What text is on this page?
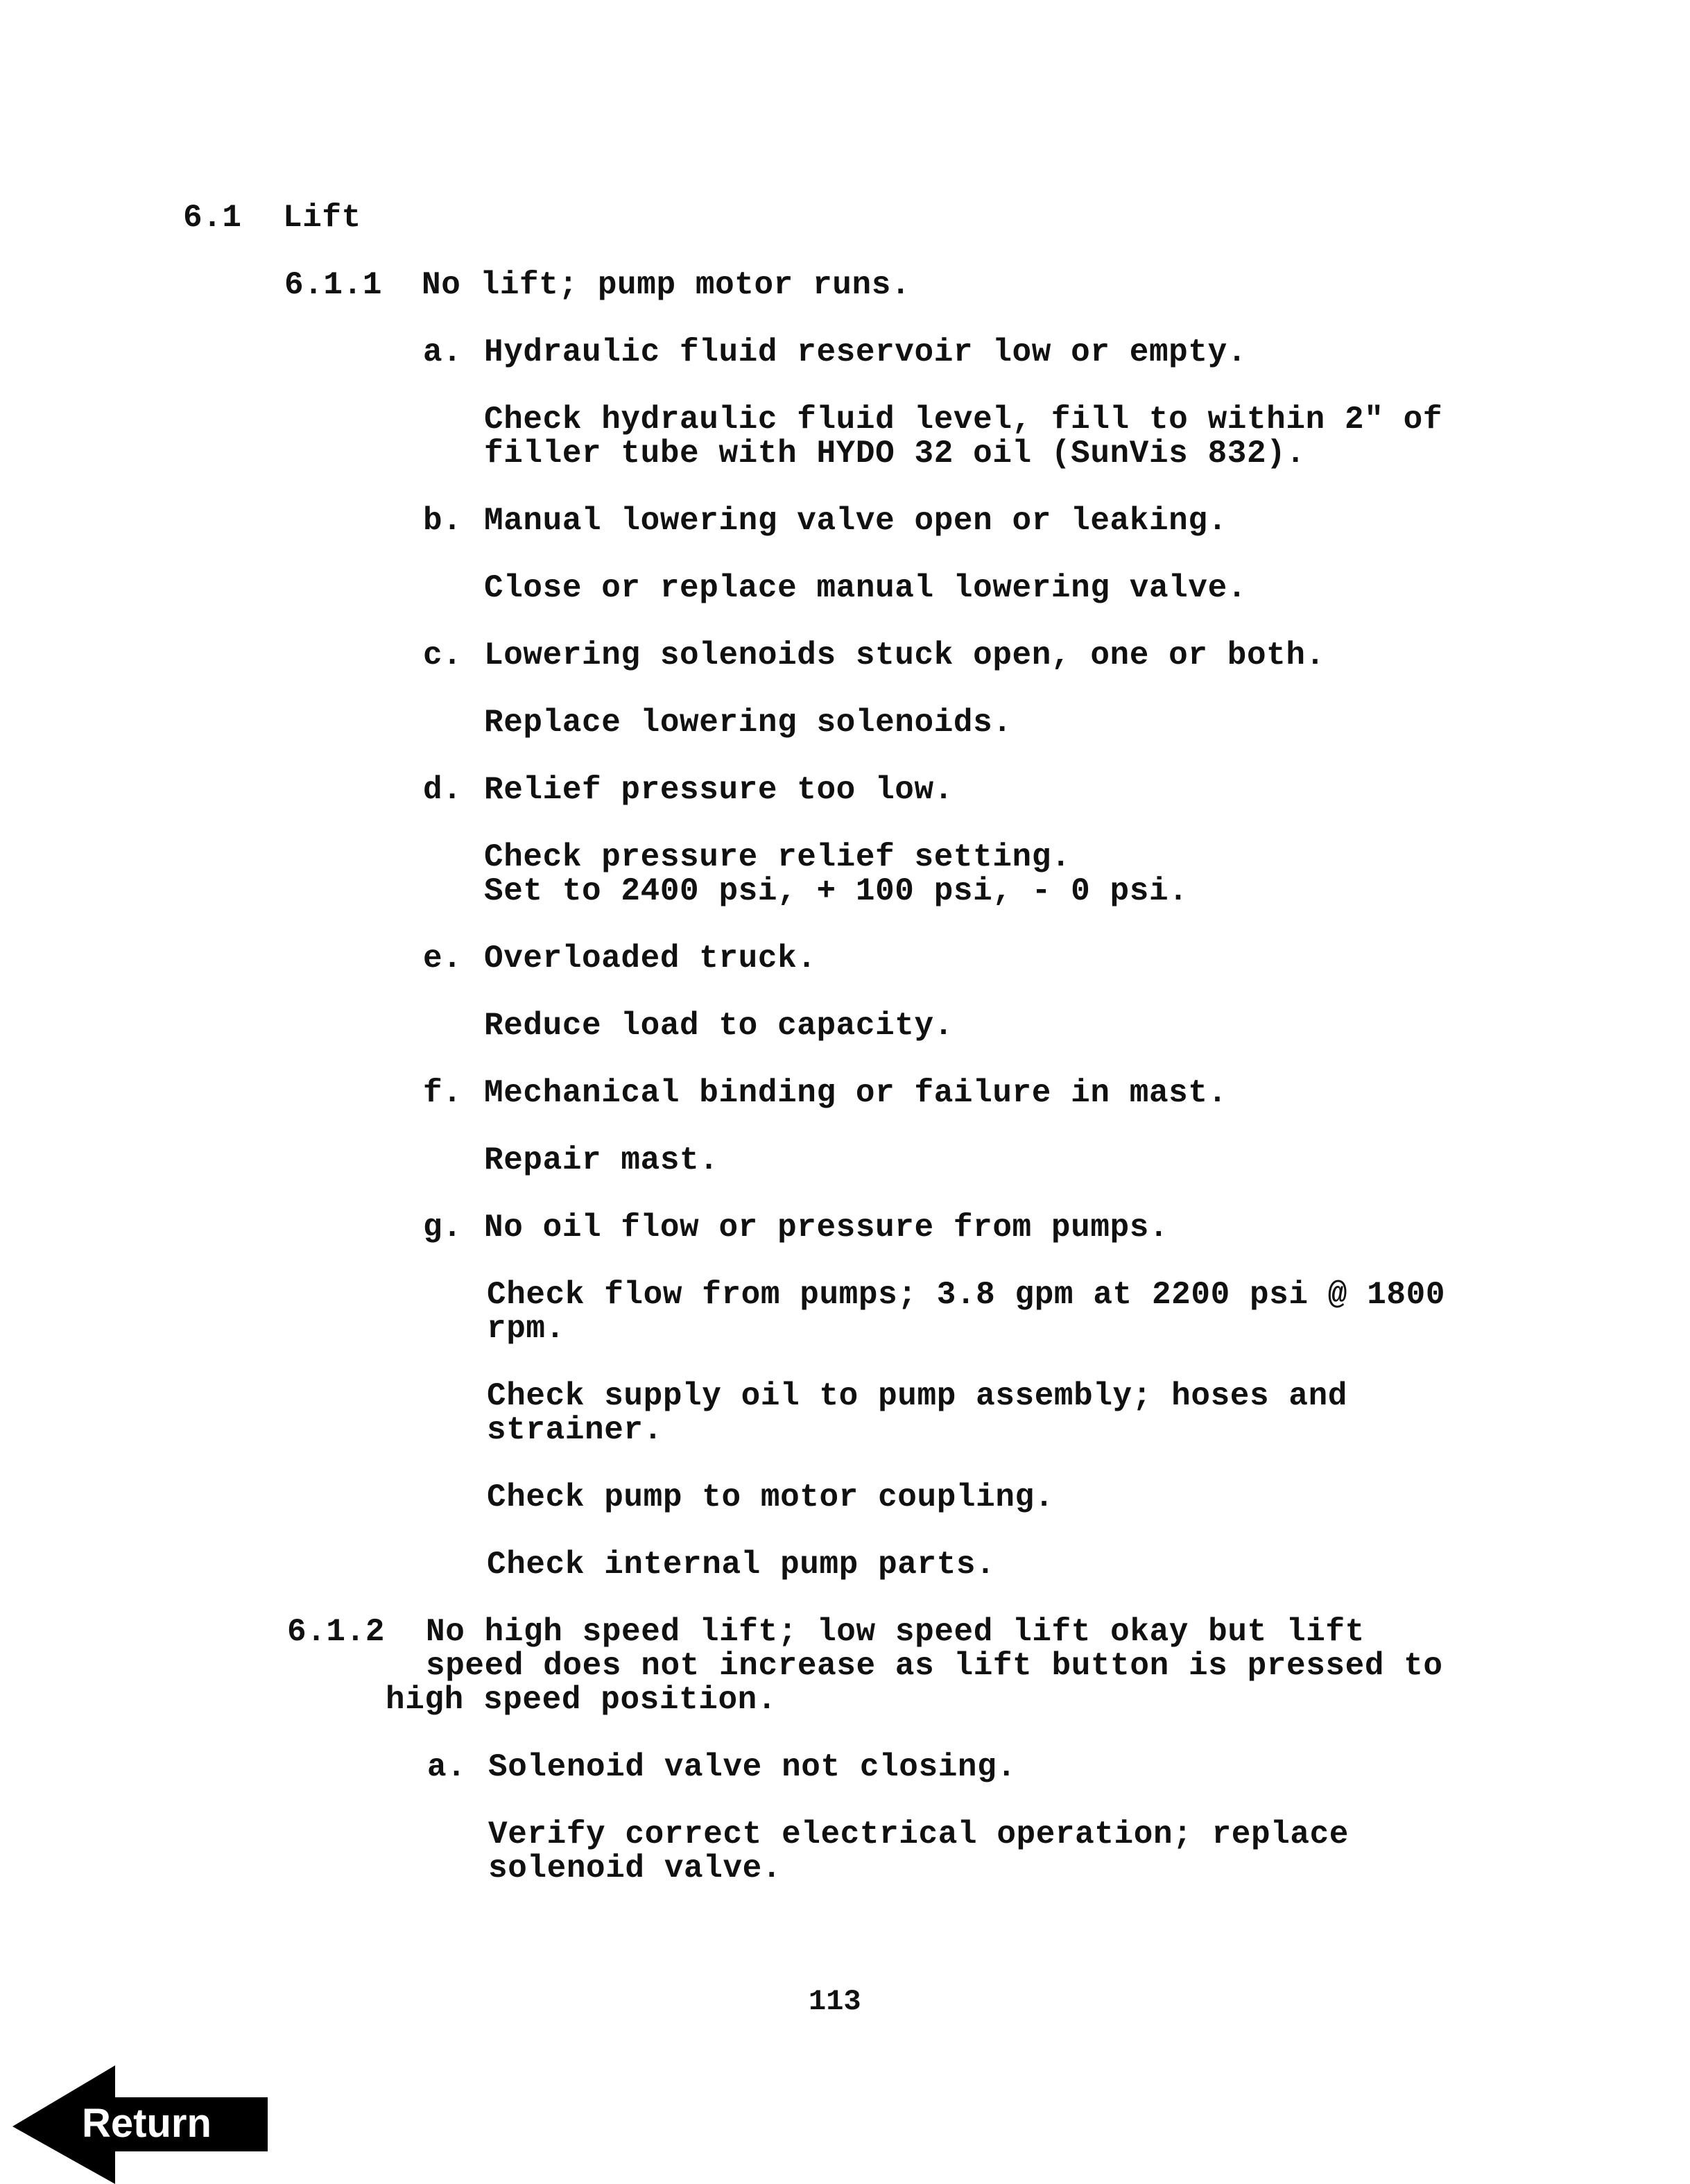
6.1 Lift
6.1.1 No lift; pump motor runs.
a. Hydraulic fluid reservoir low or empty.
Check hydraulic fluid level, fill to within 2" of
filler tube with HYDO 32 oil (SunVis 832).
b. Manual lowering valve open or leaking.
Close or replace manual lowering valve.
c. Lowering solenoids stuck open, one or both.
Replace lowering solenoids.
d. Relief pressure too low.
Check pressure relief setting.
Set to 2400 psi, + 100 psi, - 0 psi.
e. Overloaded truck.
Reduce load to capacity.
f. Mechanical binding or failure in mast.
Repair mast.
g. No oil flow or pressure from pumps.
Check flow from pumps; 3.8 gpm at 2200 psi @ 1800
rpm.
Check supply oil to pump assembly; hoses and
strainer.
Check pump to motor coupling.
Check internal pump parts.
6.1.2 No high speed lift; low speed lift okay but lift
speed does not increase as lift button is pressed to
high speed position.
a. Solenoid valve not closing.
Verify correct electrical operation; replace
solenoid valve.
113
Return
